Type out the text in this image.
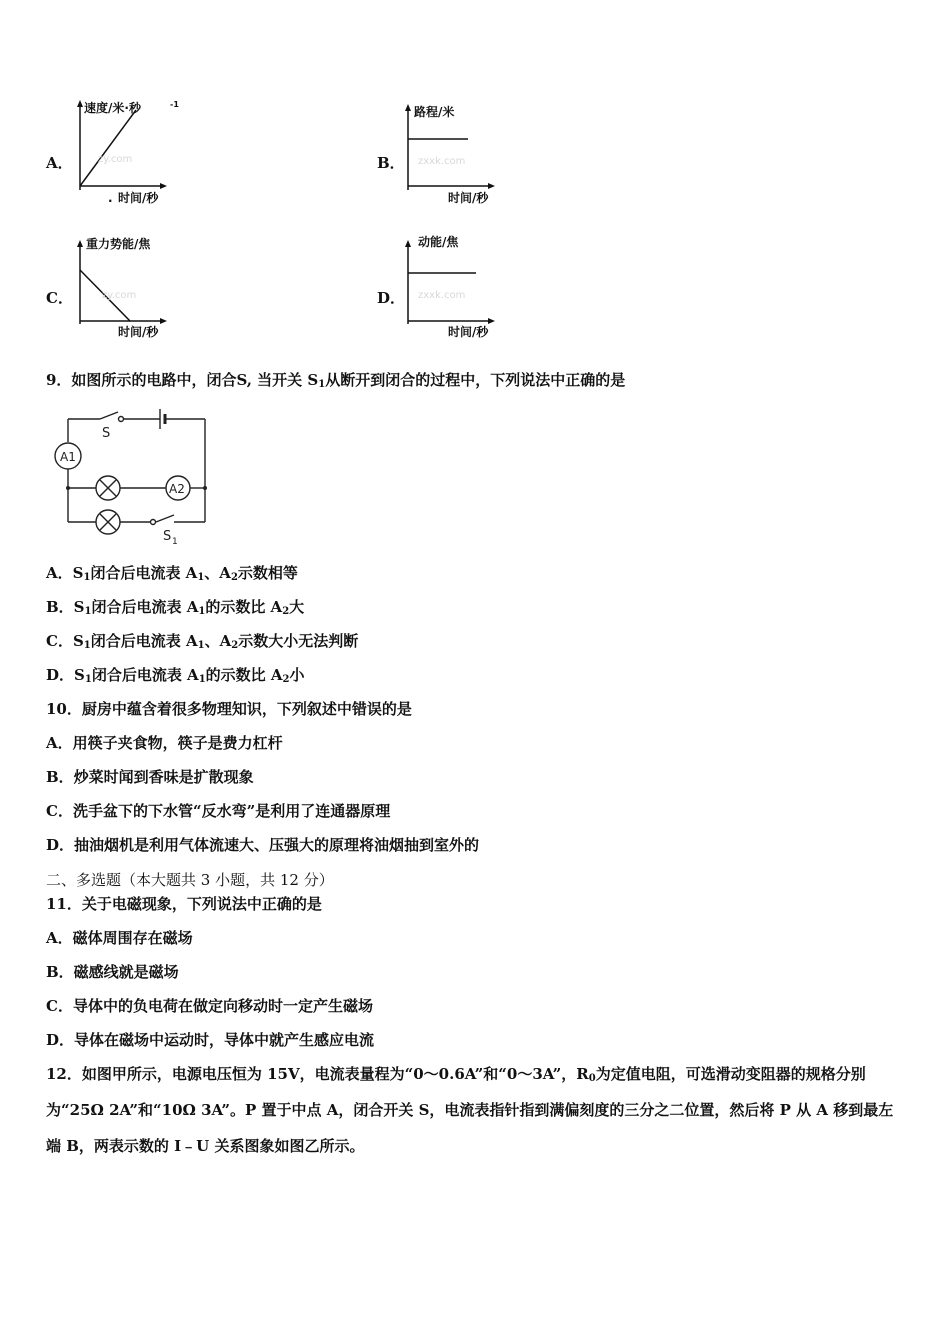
A．
速度/米·秒	-1
zy.com
. 时间/秒
B．
路程/米
zxxk.com
时间/秒
C．
重力势能/焦
zy.com
时间/秒
D．
动能/焦
zxxk.com
时间/秒
9．如图所示的电路中，闭合S, 当开关 $S_1$从断开到闭合的过程中，下列说法中正确的是
S
A1
A2
S 1
A．$S_1$闭合后电流表 $A_1$、$A_2$示数相等
B．$S_1$闭合后电流表 $A_1$的示数比 $A_2$大
C．$S_1$闭合后电流表 $A_1$、$A_2$示数大小无法判断
D．$S_1$闭合后电流表 $A_1$的示数比 $A_2$小
10．厨房中蕴含着很多物理知识，下列叙述中错误的是
A．用筷子夹食物，筷子是费力杠杆
B．炒菜时闻到香味是扩散现象
C．洗手盆下的下水管“反水弯”是利用了连通器原理
D．抽油烟机是利用气体流速大、压强大的原理将油烟抽到室外的
二、多选题（本大题共 3 小题，共 12 分）
11．关于电磁现象，下列说法中正确的是
A．磁体周围存在磁场
B．磁感线就是磁场
C．导体中的负电荷在做定向移动时一定产生磁场
D．导体在磁场中运动时，导体中就产生感应电流
12．如图甲所示，电源电压恒为 15V，电流表量程为“0～0.6A”和“0～3A”，$R_0$为定值电阻，可选滑动变阻器的规格分别为“25Ω 2A”和“10Ω 3A”。P 置于中点 A，闭合开关 S，电流表指针指到满偏刻度的三分之二位置，然后将 P 从 A 移到最左端 B，两表示数的 I﹣U 关系图象如图乙所示。
